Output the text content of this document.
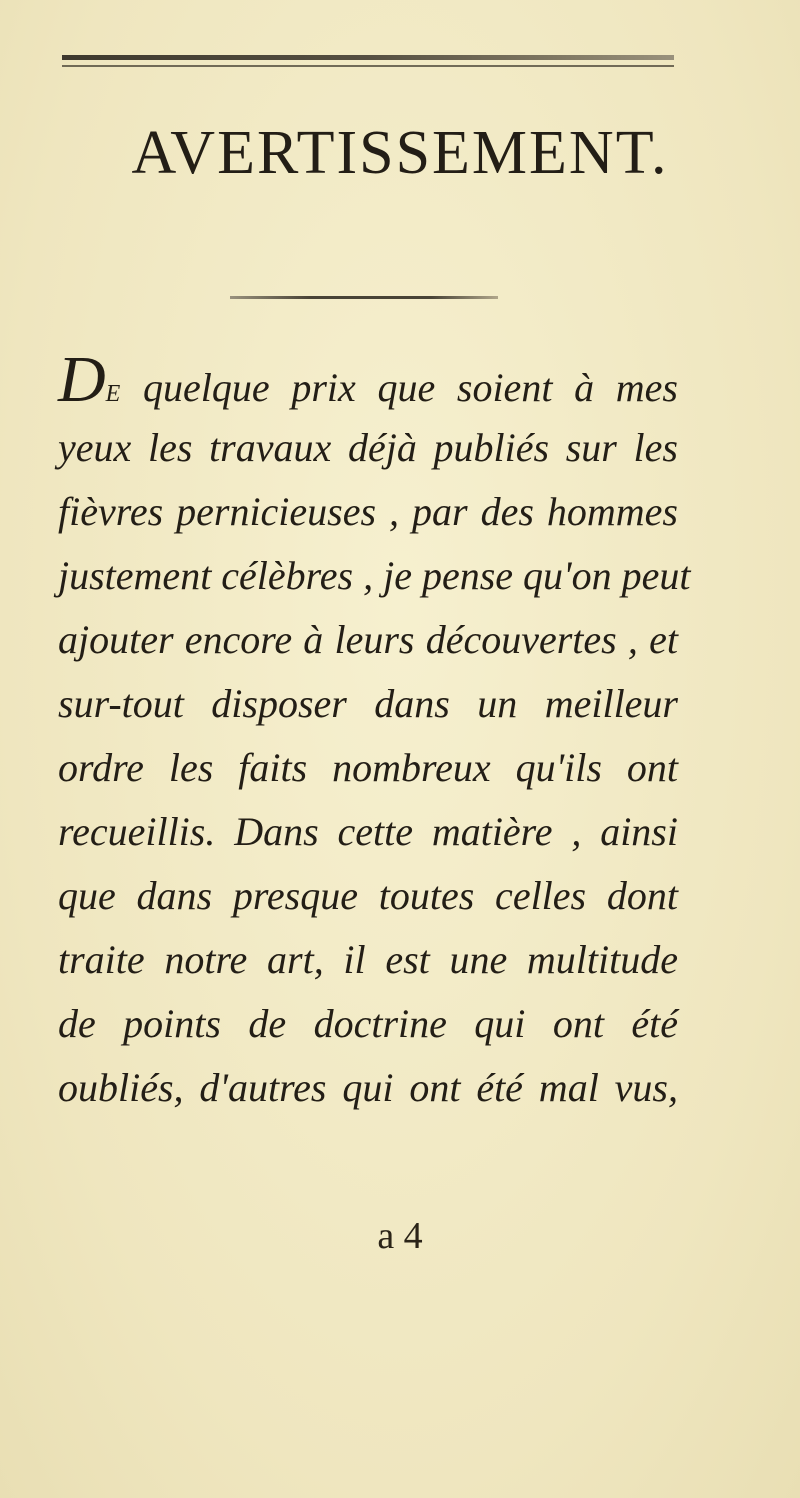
AVERTISSEMENT.
DE quelque prix que soient à mes
yeux les travaux déjà publiés sur les
fièvres pernicieuses , par des hommes
justement célèbres , je pense qu'on peut
ajouter encore à leurs découvertes , et
sur-tout disposer dans un meilleur
ordre les faits nombreux qu'ils ont
recueillis. Dans cette matière , ainsi
que dans presque toutes celles dont
traite notre art, il est une multitude
de points de doctrine qui ont été
oubliés, d'autres qui ont été mal vus,
a 4
